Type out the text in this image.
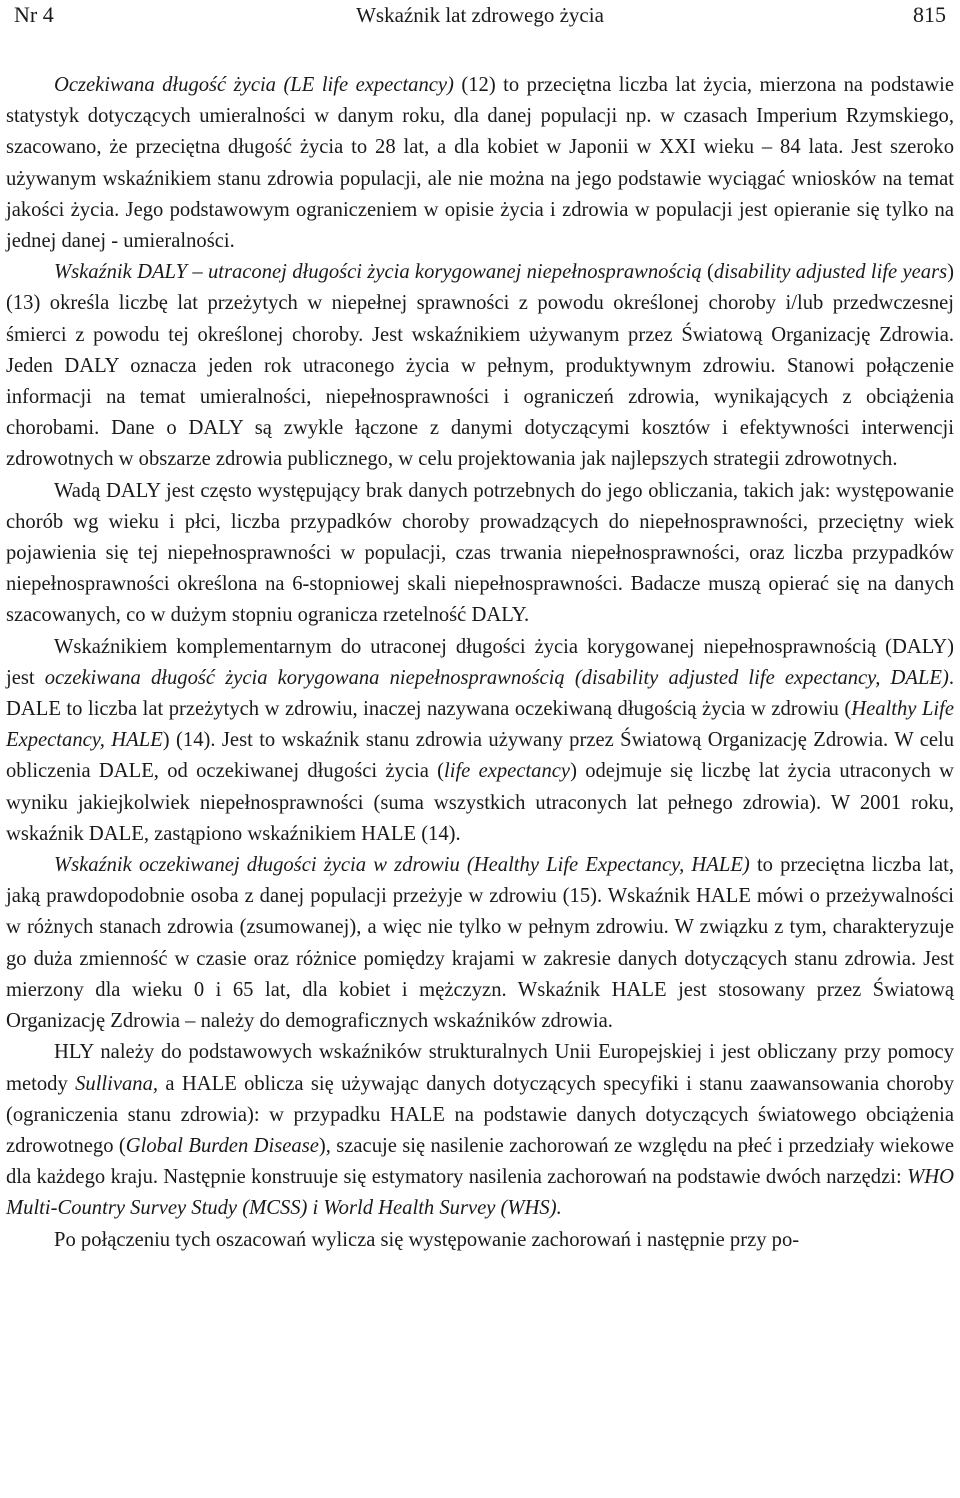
Nr 4	Wskaźnik lat zdrowego życia	815

Oczekiwana długość życia (LE life expectancy) (12) to przeciętna liczba lat życia, mierzona na podstawie statystyk dotyczących umieralności w danym roku, dla danej populacji np. w czasach Imperium Rzymskiego, szacowano, że przeciętna długość życia to 28 lat, a dla kobiet w Japonii w XXI wieku – 84 lata. Jest szeroko używanym wskaźnikiem stanu zdrowia populacji, ale nie można na jego podstawie wyciągać wniosków na temat jakości życia. Jego podstawowym ograniczeniem w opisie życia i zdrowia w populacji jest opieranie się tylko na jednej danej - umieralności.

Wskaźnik DALY – utraconej długości życia korygowanej niepełnosprawnością (disability adjusted life years) (13) określa liczbę lat przeżytych w niepełnej sprawności z powodu określonej choroby i/lub przedwczesnej śmierci z powodu tej określonej choroby. Jest wskaźnikiem używanym przez Światową Organizację Zdrowia. Jeden DALY oznacza jeden rok utraconego życia w pełnym, produktywnym zdrowiu. Stanowi połączenie informacji na temat umieralności, niepełnosprawności i ograniczeń zdrowia, wynikających z obciążenia chorobami. Dane o DALY są zwykle łączone z danymi dotyczącymi kosztów i efektywności interwencji zdrowotnych w obszarze zdrowia publicznego, w celu projektowania jak najlepszych strategii zdrowotnych.

Wadą DALY jest często występujący brak danych potrzebnych do jego obliczania, takich jak: występowanie chorób wg wieku i płci, liczba przypadków choroby prowadzących do niepełnosprawności, przeciętny wiek pojawienia się tej niepełnosprawności w populacji, czas trwania niepełnosprawności, oraz liczba przypadków niepełnosprawności określona na 6-stopniowej skali niepełnosprawności. Badacze muszą opierać się na danych szacowanych, co w dużym stopniu ogranicza rzetelność DALY.

Wskaźnikiem komplementarnym do utraconej długości życia korygowanej niepełnosprawnością (DALY) jest oczekiwana długość życia korygowana niepełnosprawnością (disability adjusted life expectancy, DALE). DALE to liczba lat przeżytych w zdrowiu, inaczej nazywana oczekiwaną długością życia w zdrowiu (Healthy Life Expectancy, HALE) (14). Jest to wskaźnik stanu zdrowia używany przez Światową Organizację Zdrowia. W celu obliczenia DALE, od oczekiwanej długości życia (life expectancy) odejmuje się liczbę lat życia utraconych w wyniku jakiejkolwiek niepełnosprawności (suma wszystkich utraconych lat pełnego zdrowia). W 2001 roku, wskaźnik DALE, zastąpiono wskaźnikiem HALE (14).

Wskaźnik oczekiwanej długości życia w zdrowiu (Healthy Life Expectancy, HALE) to przeciętna liczba lat, jaką prawdopodobnie osoba z danej populacji przeżyje w zdrowiu (15). Wskaźnik HALE mówi o przeżywalności w różnych stanach zdrowia (zsumowanej), a więc nie tylko w pełnym zdrowiu. W związku z tym, charakteryzuje go duża zmienność w czasie oraz różnice pomiędzy krajami w zakresie danych dotyczących stanu zdrowia. Jest mierzony dla wieku 0 i 65 lat, dla kobiet i mężczyzn. Wskaźnik HALE jest stosowany przez Światową Organizację Zdrowia – należy do demograficznych wskaźników zdrowia.

HLY należy do podstawowych wskaźników strukturalnych Unii Europejskiej i jest obliczany przy pomocy metody Sullivana, a HALE oblicza się używając danych dotyczących specyfiki i stanu zaawansowania choroby (ograniczenia stanu zdrowia): w przypadku HALE na podstawie danych dotyczących światowego obciążenia zdrowotnego (Global Burden Disease), szacuje się nasilenie zachorowań ze względu na płeć i przedziały wiekowe dla każdego kraju. Następnie konstruuje się estymatory nasilenia zachorowań na podstawie dwóch narzędzi: WHO Multi-Country Survey Study (MCSS) i World Health Survey (WHS).

Po połączeniu tych oszacowań wylicza się występowanie zachorowań i następnie przy po-
